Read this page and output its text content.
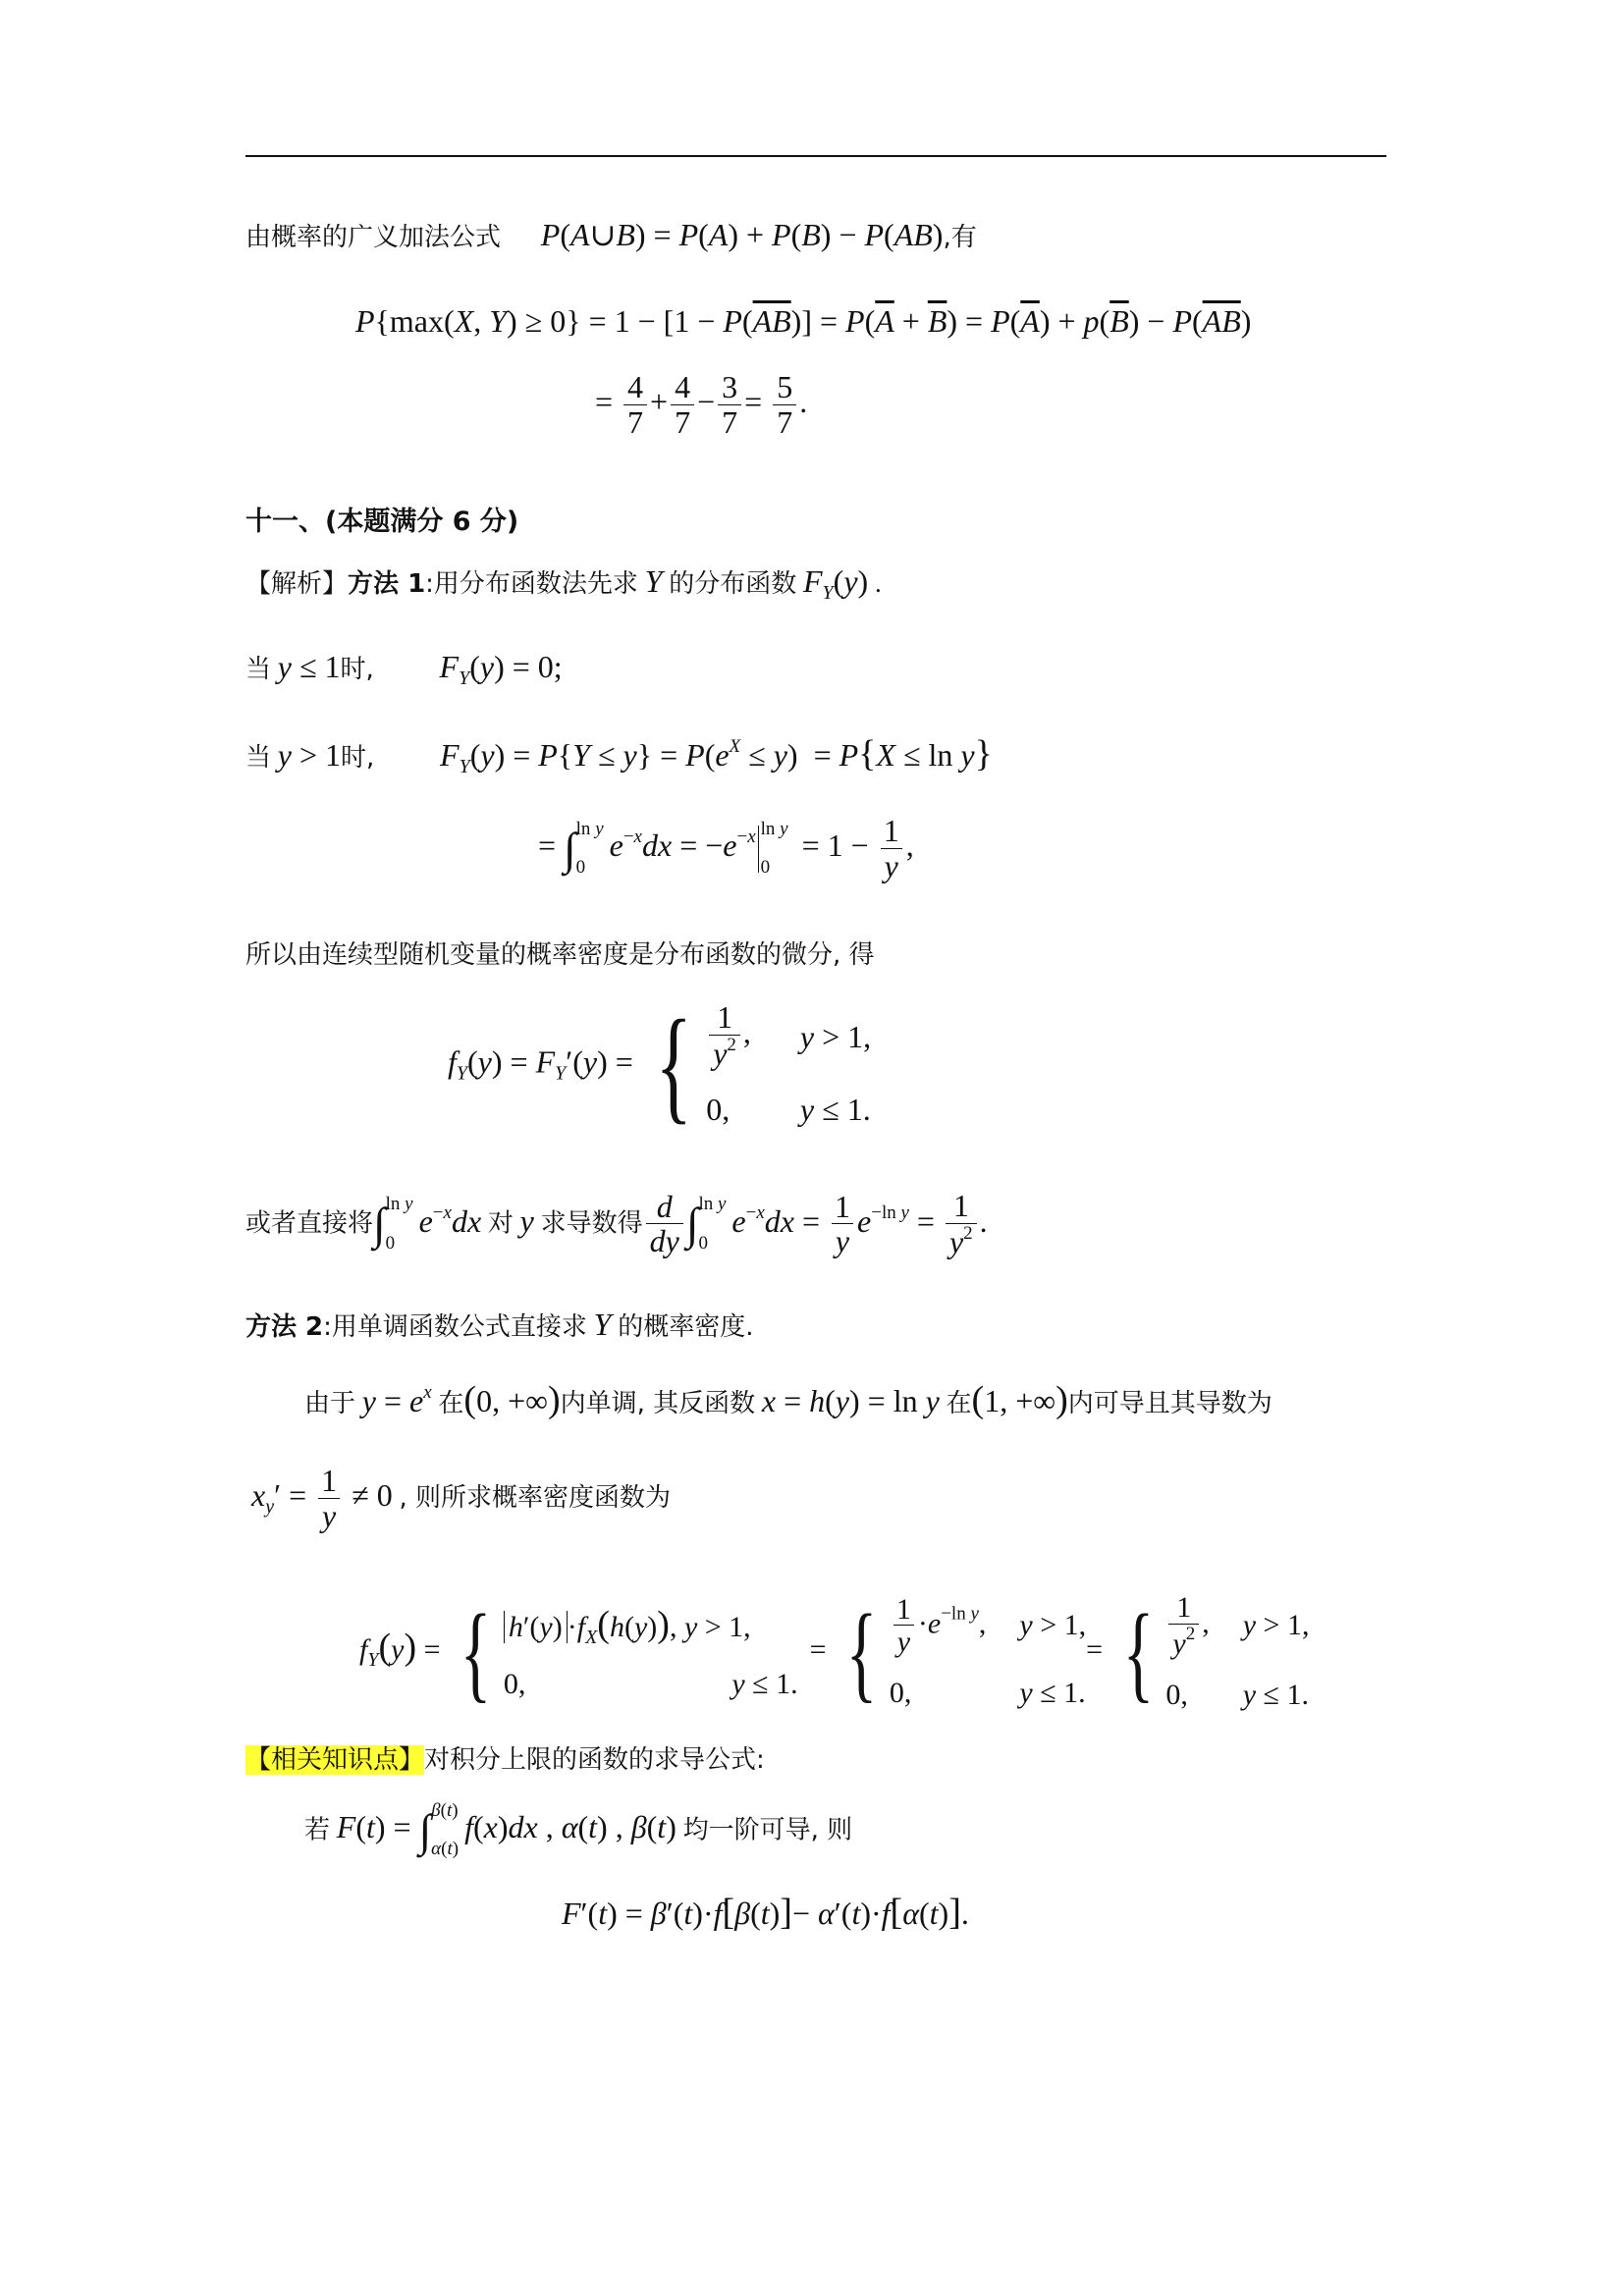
由概率的广义加法公式 P(A∪B) = P(A) + P(B) − P(AB),有
P{max(X, $Y) \ge 0\} = 1 - [1 - P(\overline{AB})] = P(\overline{A} + \overline{B}) = P(\overline{A}) + p(\overline{B}) - P(\overline{AB})$
= $\frac{4}{7} + \frac{4}{7} - \frac{3}{7} = \frac{5}{7}$ .
十一、(本题满分 6 分)
【解析】方法 1:用分布函数法先求 Y 的分布函数 $F_Y(y)$ .
当 y ≤ 1时, $F_Y(y) = 0$;
当 y > 1时, $F_Y(y) = P\{Y \le y\} = P(e^X \le y) = P\{X \le \ln y\}$
= ∫ ln y
0
$e^{-x}dx = -e^{-x}$ ln y
0
= $1 - \frac{1}{y}$ ,
所以由连续型随机变量的概率密度是分布函数的微分, 得
$f_Y(y) = F_Y'(y)$ = { $\frac{1}{y^2}$ , y > 1,
0,	y ≤ 1.
或者直接将∫ ln y
0
$e^{-x}dx$ 对 y 求导数得 $\frac{d}{dy}$ ∫ ln y
0
$e^{-x}dx = \frac{1}{y} e^{-ln y} = \frac{1}{y^2}$ .
方法 2:用单调函数公式直接求 Y 的概率密度.
由于 $y = e^x$ 在(0, +∞)内单调, 其反函数 x = h(y) = ln y 在(1, +∞)内可导且其导数为
$x_y' = \frac{1}{y} \ne 0$ , 则所求概率密度函数为
$f_Y(y)$ = { $h'(y) \cdot f_X(h(y))$, y > 1,
0,	y ≤ 1.
= { $\frac{1}{y} \cdot e^{-ln y}$, y > 1,
0,	y ≤ 1.
= { $\frac{1}{y^2}$ , y > 1,
0,	y ≤ 1.
【相关知识点】对积分上限的函数的求导公式:
若 F(t) = ∫ β(t)
α(t)
f(x)dx , α(t) , β(t) 均一阶可导, 则
F′(t) = β′(t)·f[β(t)]− α′(t)·f[α(t)].
